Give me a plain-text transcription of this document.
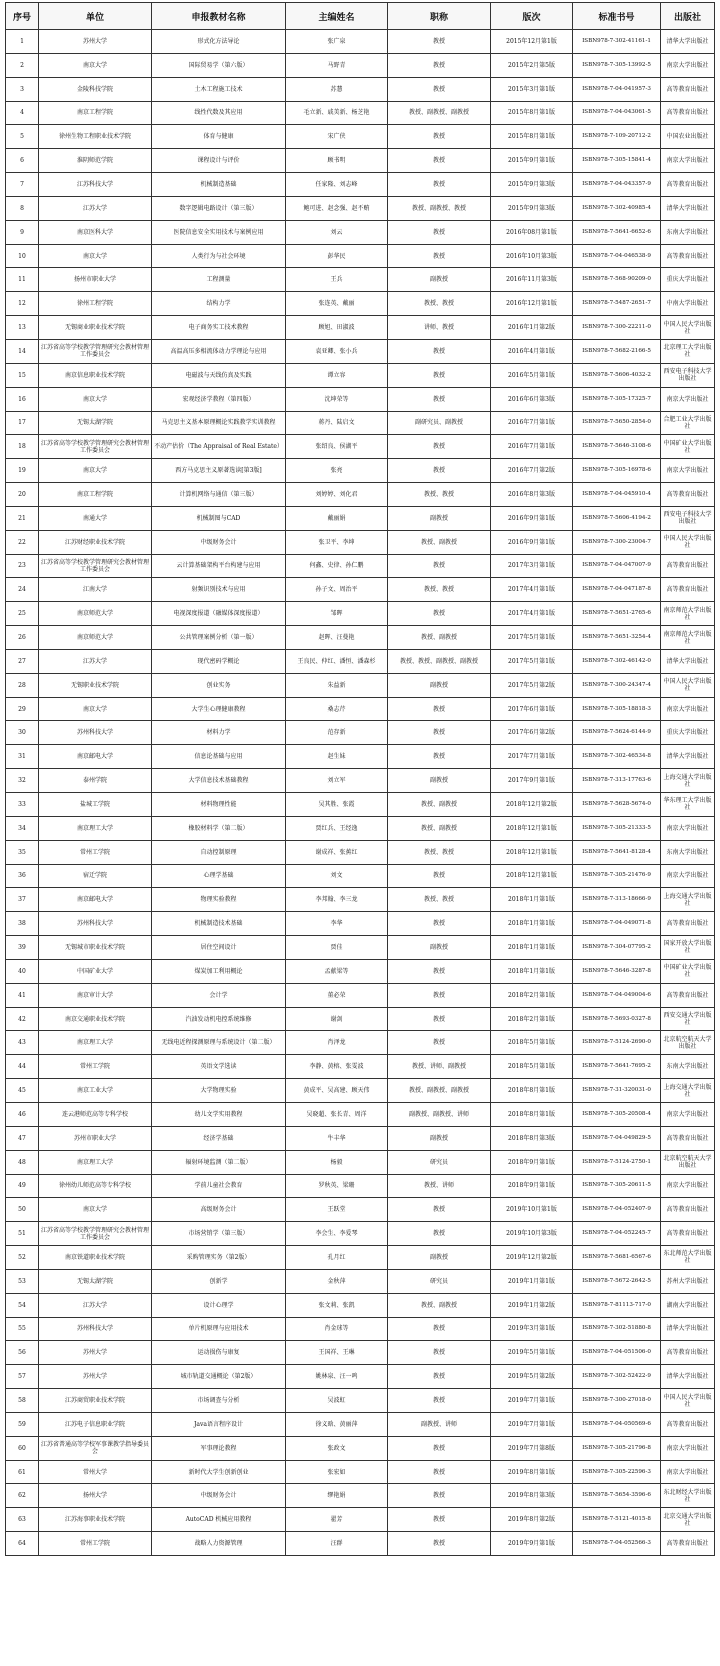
序号	单位	申报教材名称	主编姓名	职称	版次	标准书号	出版社
1	苏州大学	形式化方法导论	张广泉	教授	2015年12月第1版	ISBN978-7-302-41161-1	清华大学出版社
2	南京大学	国际贸易学（第六版）	马野青	教授	2015年2月第5版	ISBN978-7-305-13992-5	南京大学出版社
3	金陵科技学院	土木工程施工技术	苏慧	教授	2015年3月第1版	ISBN978-7-04-041957-3	高等教育出版社
4	南京工程学院	线性代数及其应用	毛立新、戚美新、杨芝艳	教授、副教授、副教授	2015年8月第1版	ISBN978-7-04-043061-5	高等教育出版社
5	徐州生物工程职业技术学院	体育与健康	宋广侠	教授	2015年8月第1版	ISBN978-7-109-20712-2	中国农业出版社
6	淮阴师范学院	课程设计与评价	顾书明	教授	2015年9月第1版	ISBN978-7-305-15841-4	南京大学出版社
7	江苏科技大学	机械制造基础	任家隆、刘志峰	教授	2015年9月第3版	ISBN978-7-04-043357-9	高等教育出版社
8	江苏大学	数字逻辑电路设计（第三版）	鲍可进、赵念强、赵不贿	教授、副教授、教授	2015年9月第3版	ISBN978-7-302-40985-4	清华大学出版社
9	南京医科大学	医院信息安全实用技术与案例应用	刘云	教授	2016年08月第1版	ISBN978-7-5641-6652-6	东南大学出版社
10	南京大学	人类行为与社会环境	彭华民	教授	2016年10月第3版	ISBN978-7-04-046538-9	高等教育出版社
11	扬州市职业大学	工程测量	王兵	副教授	2016年11月第3版	ISBN978-7-568-90209-0	重庆大学出版社
12	徐州工程学院	结构力学	张连英、戴丽	教授、教授	2016年12月第1版	ISBN978-7-5487-2651-7	中南大学出版社
13	无锡商业职业技术学院	电子商务实工技术教程	顾旭、田淑波	讲师、教授	2016年1月第2版	ISBN978-7-300-22211-0	中国人民大学出版社
14	江苏省高等学校教学管理研究会教材管理工作委员会	高温高压多相流体动力学理论与应用	袁亚卿、张小兵	教授	2016年4月第1版	ISBN978-7-5682-2166-5	北京理工大学出版社
15	南京信息职业技术学院	电磁波与天线仿真及实践	谭立容	教授	2016年5月第1版	ISBN978-7-5606-4032-2	西安电子科技大学出版社
16	南京大学	宏观经济学教程（第四版）	沈坤荣等	教授	2016年6月第3版	ISBN978-7-305-17325-7	南京大学出版社
17	无锡太湖学院	马克思主义基本原理概论实践教学实训教程	蒋丹、陆启文	副研究员、副教授	2016年7月第1版	ISBN978-7-5650-2854-0	合肥工业大学出版社
18	江苏省高等学校教学管理研究会教材管理工作委员会	不动产估价（The Appraisal of Real Estate）	张绍良、侯湖平	教授	2016年7月第1版	ISBN978-7-5646-3108-6	中国矿业大学出版社
19	南京大学	西方马克思主义原著选读[第3版]	张亮	教授	2016年7月第2版	ISBN978-7-305-16978-6	南京大学出版社
20	南京工程学院	计算机网络与通信（第三版）	刘婷婷、刘化君	教授、教授	2016年8月第3版	ISBN978-7-04-045910-4	高等教育出版社
21	南通大学	机械制图与CAD	戴丽娟	副教授	2016年9月第1版	ISBN978-7-5606-4194-2	西安电子科技大学出版社
22	江苏财经职业技术学院	中级财务会计	张卫平、李坤	教授、副教授	2016年9月第1版	ISBN978-7-300-23004-7	中国人民大学出版社
23	江苏省高等学校教学管理研究会教材管理工作委员会	云计算基础架构平台构建与应用	何鑫、史律、孙仁鹏	教授	2017年3月第1版	ISBN978-7-04-047007-9	高等教育出版社
24	江南大学	射频识别技术与应用	孙子文、周治平	教授、教授	2017年4月第1版	ISBN978-7-04-047187-8	高等教育出版社
25	南京师范大学	电视深度报道（融媒体深度报道）	邹晖	教授	2017年4月第1版	ISBN978-7-5651-2765-6	南京师范大学出版社
26	南京师范大学	公共管理案例分析（第一版）	赵晖、汪曼艳	教授、副教授	2017年5月第1版	ISBN978-7-5651-3254-4	南京师范大学出版社
27	江苏大学	现代密码学概论	王良民、仲红、潘恒、潘森杉	教授、教授、副教授、副教授	2017年5月第1版	ISBN978-7-302-46142-0	清华大学出版社
28	无锡职业技术学院	创业实务	朱益新	副教授	2017年5月第2版	ISBN978-7-300-24347-4	中国人民大学出版社
29	南京大学	大学生心理健康教程	桑志芹	教授	2017年6月第1版	ISBN978-7-305-18818-3	南京大学出版社
30	苏州科技大学	材料力学	范存新	教授	2017年6月第2版	ISBN978-7-5624-6144-9	重庆大学出版社
31	南京邮电大学	信息论基础与应用	赵生妹	教授	2017年7月第1版	ISBN978-7-302-46534-8	清华大学出版社
32	泰州学院	大学信息技术基础教程	刘立军	副教授	2017年9月第1版	ISBN978-7-313-17763-6	上海交通大学出版社
33	盐城工学院	材料物理性能	吴其胜、张霞	教授、副教授	2018年12月第2版	ISBN978-7-5628-5674-0	华东理工大学出版社
34	南京理工大学	橡胶材料学（第二版）	贾红兵、王经逸	教授、副教授	2018年12月第1版	ISBN978-7-305-21333-5	南京大学出版社
35	常州工学院	自动控制原理	谢成祥、张蕉红	教授、教授	2018年12月第1版	ISBN978-7-5641-8128-4	东南大学出版社
36	宿迁学院	心理学基础	刘文	教授	2018年12月第1版	ISBN978-7-305-21476-9	南京大学出版社
37	南京邮电大学	物理实验教程	李邦翰、李三龙	教授、教授	2018年1月第1版	ISBN978-7-313-18666-9	上海交通大学出版社
38	苏州科技大学	机械制造技术基础	李华	教授	2018年1月第1版	ISBN978-7-04-049071-8	高等教育出版社
39	无锡城市职业技术学院	居住空间设计	贾佳	副教授	2018年1月第1版	ISBN978-7-304-07795-2	国家开放大学出版社
40	中国矿业大学	煤炭加工利用概论	孟献梁等	教授	2018年1月第1版	ISBN978-7-5646-3287-8	中国矿业大学出版社
41	南京审计大学	会计学	董必荣	教授	2018年2月第1版	ISBN978-7-04-049004-6	高等教育出版社
42	南京交通职业技术学院	汽油发动机电控系统维修	谢剑	教授	2018年2月第1版	ISBN978-7-5693-0327-8	西安交通大学出版社
43	南京理工大学	无线电近程探测原理与系统设计（第二版）	肖泽龙	教授	2018年5月第1版	ISBN978-7-5124-2690-0	北京航空航天大学出版社
44	常州工学院	英语文学选读	李静、黄榕、张雯波	教授、讲师、副教授	2018年5月第1版	ISBN978-7-5641-7695-2	东南大学出版社
45	南京工业大学	大学物理实验	黄成平、吴高建、顾天伟	教授、副教授、副教授	2018年8月第1版	ISBN978-7-31-320031-0	上海交通大学出版社
46	连云港师范高等专科学校	幼儿文学实用教程	吴晓超、张长青、周洋	副教授、副教授、讲师	2018年8月第1版	ISBN978-7-305-20508-4	南京大学出版社
47	苏州市职业大学	经济学基础	牛丰华	副教授	2018年8月第3版	ISBN978-7-04-049829-5	高等教育出版社
48	南京理工大学	辐射环境监测（第二版）	杨毅	研究员	2018年9月第1版	ISBN978-7-5124-2750-1	北京航空航天大学出版社
49	徐州幼儿师范高等专科学校	学前儿童社会教育	罗秋英、梁珊	教授、讲师	2018年9月第1版	ISBN978-7-305-20611-5	南京大学出版社
50	南京大学	高级财务会计	王跃堂	教授	2019年10月第1版	ISBN978-7-04-052407-9	高等教育出版社
51	江苏省高等学校教学管理研究会教材管理工作委员会	市场营销学（第三版）	李会生、李爱琴	教授	2019年10月第3版	ISBN978-7-04-052245-7	高等教育出版社
52	南京铁道职业技术学院	采购管理实务（第2版）	孔月红	副教授	2019年12月第2版	ISBN978-7-5681-6567-6	东北师范大学出版社
53	无锡太湖学院	创新学	金秋萍	研究员	2019年1月第1版	ISBN978-7-5672-2642-5	苏州大学出版社
54	江苏大学	设计心理学	张文莉、张凯	教授、副教授	2019年1月第2版	ISBN978-7-81113-717-0	湖南大学出版社
55	苏州科技大学	单片机原理与应用技术	肖金球等	教授	2019年3月第1版	ISBN978-7-302-51880-8	清华大学出版社
56	苏州大学	运动损伤与康复	王国祥、王琳	教授	2019年5月第1版	ISBN978-7-04-051506-0	高等教育出版社
57	苏州大学	城市轨道交通概论（第2版）	姚林泉、汪一鸣	教授	2019年5月第2版	ISBN978-7-302-52422-9	清华大学出版社
58	江苏商贸职业技术学院	市场调查与分析	吴波虹	教授	2019年7月第1版	ISBN978-7-300-27018-0	中国人民大学出版社
59	江苏电子信息职业学院	Java语言程序设计	徐义晗、黄丽萍	副教授、讲师	2019年7月第1版	ISBN978-7-04-050569-6	高等教育出版社
60	江苏省普通高等学校军事课教学指导委员会	军事理论教程	张政文	教授	2019年7月第8版	ISBN978-7-305-21796-8	南京大学出版社
61	常州大学	新时代大学生创新创业	张宏如	教授	2019年8月第1版	ISBN978-7-305-22596-3	南京大学出版社
62	扬州大学	中级财务会计	缪艳娟	教授	2019年8月第3版	ISBN978-7-5654-3596-6	东北财经大学出版社
63	江苏海事职业技术学院	AutoCAD 机械应用教程	翟芳	教授	2019年8月第2版	ISBN978-7-5121-4015-8	北京交通大学出版社
64	常州工学院	战略人力资源管理	汪群	教授	2019年9月第1版	ISBN978-7-04-052566-3	高等教育出版社
